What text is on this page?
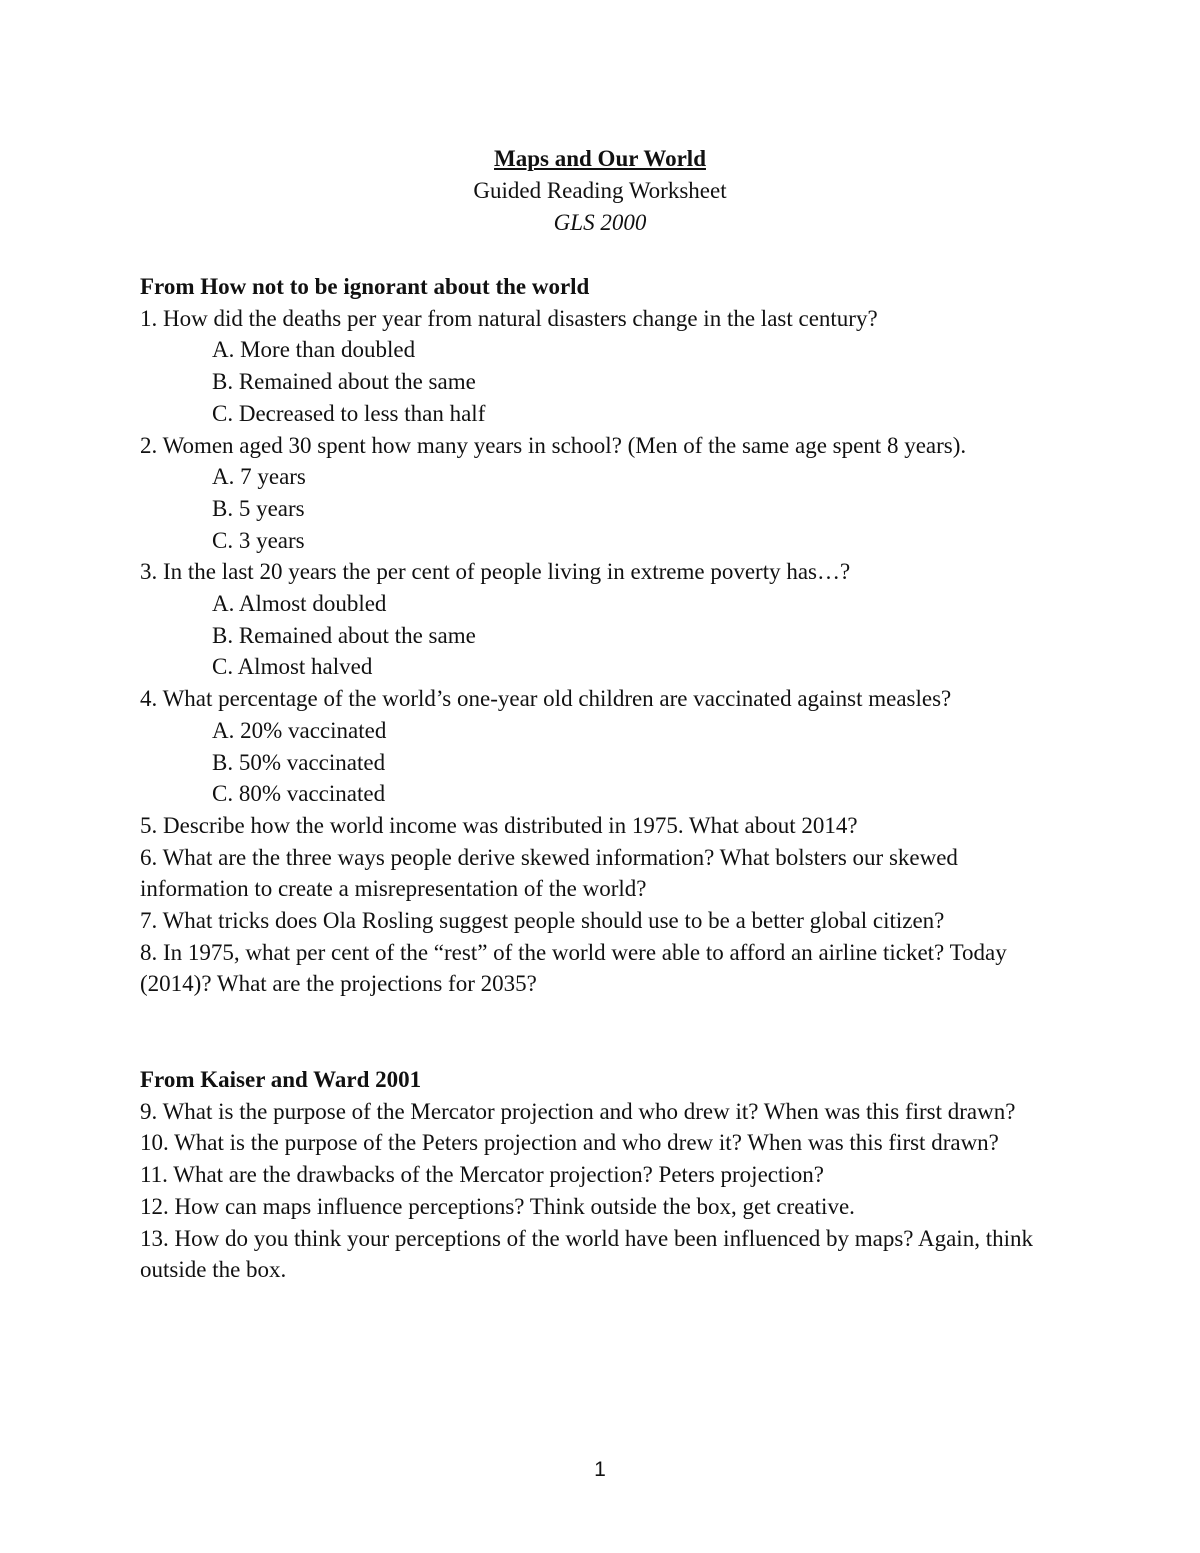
Maps and Our World
Guided Reading Worksheet
GLS 2000
From How not to be ignorant about the world

1. How did the deaths per year from natural disasters change in the last century?

A. More than doubled

B. Remained about the same

C. Decreased to less than half

2. Women aged 30 spent how many years in school? (Men of the same age spent 8 years).

A. 7 years

B. 5 years

C. 3 years

3. In the last 20 years the per cent of people living in extreme poverty has…?

A. Almost doubled

B. Remained about the same

C. Almost halved

4. What percentage of the world’s one-year old children are vaccinated against measles?

A. 20% vaccinated

B. 50% vaccinated

C. 80% vaccinated

5. Describe how the world income was distributed in 1975. What about 2014?

6. What are the three ways people derive skewed information? What bolsters our skewed information to create a misrepresentation of the world?

7. What tricks does Ola Rosling suggest people should use to be a better global citizen?

8. In 1975, what per cent of the “rest” of the world were able to afford an airline ticket? Today (2014)? What are the projections for 2035?

From Kaiser and Ward 2001

9. What is the purpose of the Mercator projection and who drew it? When was this first drawn?

10. What is the purpose of the Peters projection and who drew it? When was this first drawn?

11. What are the drawbacks of the Mercator projection? Peters projection?

12. How can maps influence perceptions? Think outside the box, get creative.

13. How do you think your perceptions of the world have been influenced by maps? Again, think outside the box.

1
